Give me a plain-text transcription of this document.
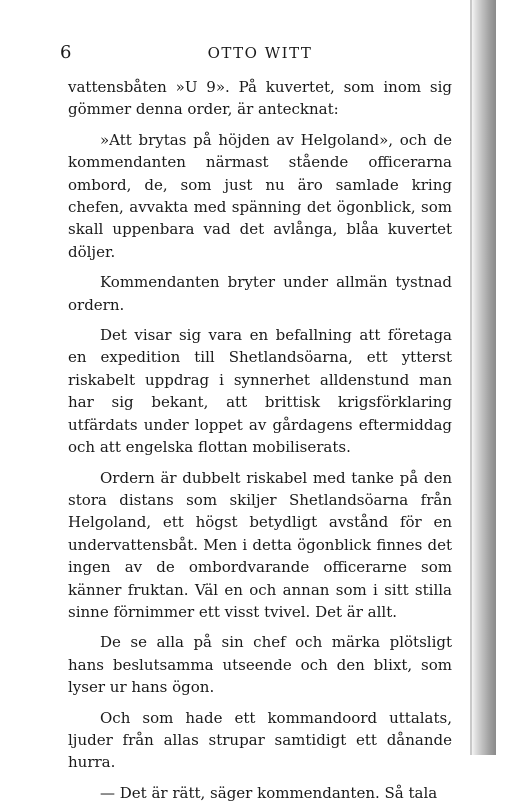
6	OTTO WITT

vattensbåten »U 9». På kuvertet, som inom sig gömmer denna order, är antecknat:

»Att brytas på höjden av Helgoland», och de kommendanten närmast stående officerarna ombord, de, som just nu äro samlade kring chefen, avvakta med spänning det ögonblick, som skall uppenbara vad det avlånga, blåa kuvertet döljer.

Kommendanten bryter under allmän tystnad ordern.

Det visar sig vara en befallning att företaga en expedition till Shetlandsöarna, ett ytterst riskabelt uppdrag i synnerhet alldenstund man har sig bekant, att brittisk krigsförklaring utfärdats under loppet av gårdagens eftermiddag och att engelska flottan mobiliserats.

Ordern är dubbelt riskabel med tanke på den stora distans som skiljer Shetlandsöarna från Helgoland, ett högst betydligt avstånd för en undervattensbåt. Men i detta ögonblick finnes det ingen av de ombordvarande officerarne som känner fruktan. Väl en och annan som i sitt stilla sinne förnimmer ett visst tvivel. Det är allt.

De se alla på sin chef och märka plötsligt hans beslutsamma utseende och den blixt, som lyser ur hans ögon.

Och som hade ett kommandoord uttalats, ljuder från allas strupar samtidigt ett dånande hurra.

— Det är rätt, säger kommendanten. Så tala
